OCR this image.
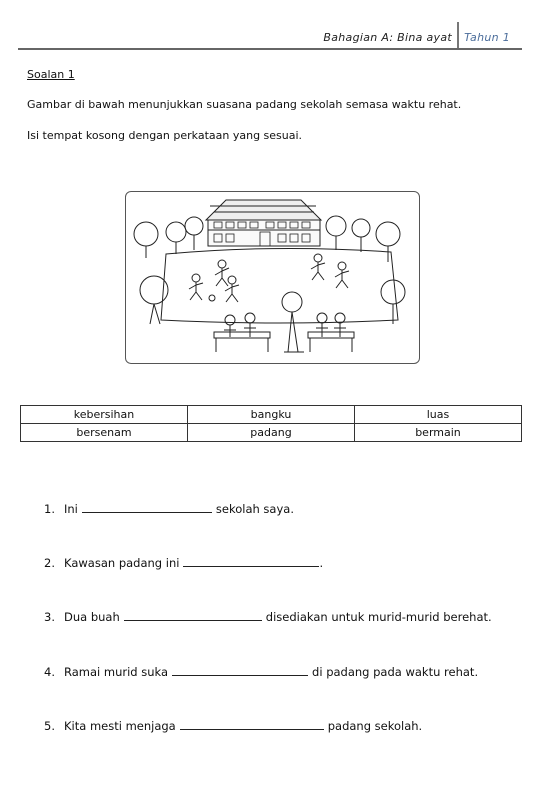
Bahagian A: Bina ayat Tahun 1
Soalan 1
Gambar di bawah menunjukkan suasana padang sekolah semasa waktu rehat.
Isi tempat kosong dengan perkataan yang sesuai.
kebersihan	bangku	luas
bersenam	padang	bermain
1. Ini	sekolah saya.
2. Kawasan padang ini	.
3. Dua buah	disediakan untuk murid-murid berehat.
4. Ramai murid suka	di padang pada waktu rehat.
5. Kita mesti menjaga	padang sekolah.
